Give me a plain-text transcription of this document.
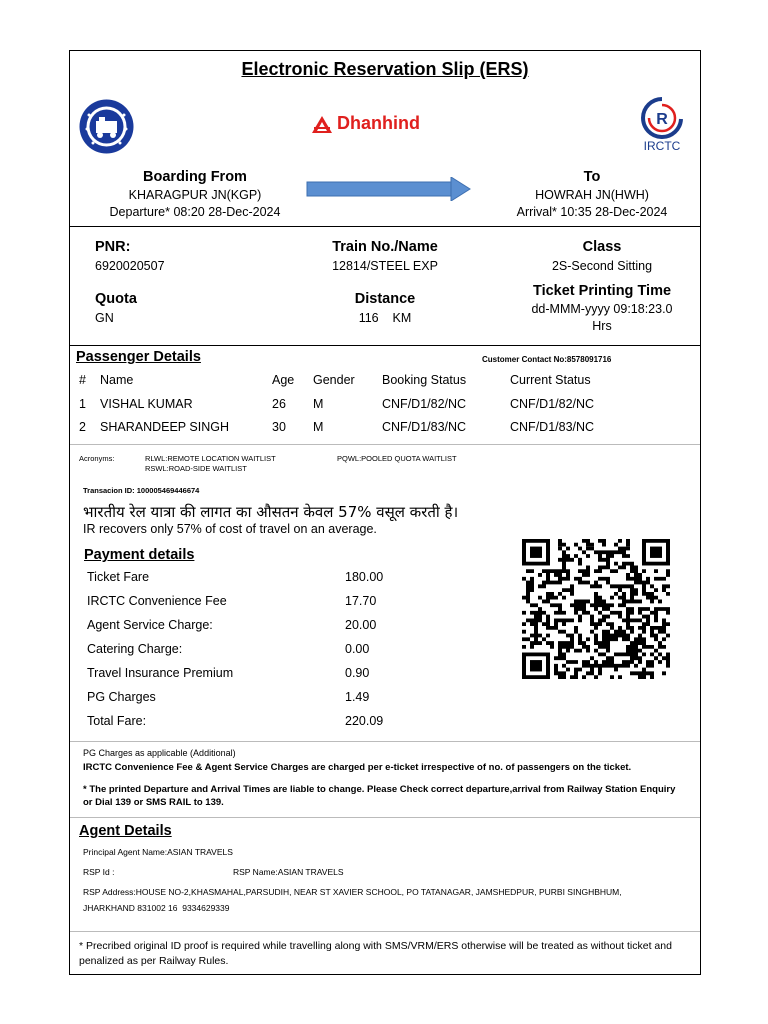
Electronic Reservation Slip (ERS)
Dhanhind	R
IRCTC
Boarding From
KHARAGPUR JN(KGP)
Departure* 08:20 28-Dec-2024
To
HOWRAH JN(HWH)
Arrival* 10:35 28-Dec-2024
PNR:
6920020507
Train No./Name
12814/STEEL EXP
Class
2S-Second Sitting
Quota
GN
Distance
116    KM
Ticket Printing Time
dd-MMM-yyyy 09:18:23.0
Hrs
Passenger Details	Customer Contact No:8578091716
# Name	Age Gender Booking Status	Current Status
1 VISHAL KUMAR	26 M	CNF/D1/82/NC	CNF/D1/82/NC
2 SHARANDEEP SINGH	30 M	CNF/D1/83/NC	CNF/D1/83/NC
Acronyms:	RLWL:REMOTE LOCATION WAITLIST
RSWL:ROAD-SIDE WAITLIST
PQWL:POOLED QUOTA WAITLIST
Transacion ID: 100005469446674
भारतीय रेल यात्रा की लागत का औसतन केवल 57% वसूल करती है।
IR recovers only 57% of cost of travel on an average.
Payment details
Ticket Fare	180.00
IRCTC Convenience Fee	17.70
Agent Service Charge:	20.00
Catering Charge:	0.00
Travel Insurance Premium	0.90
PG Charges	1.49
Total Fare:	220.09
PG Charges as applicable (Additional)
IRCTC Convenience Fee & Agent Service Charges are charged per e-ticket irrespective of no. of passengers on the ticket.
* The printed Departure and Arrival Times are liable to change. Please Check correct departure,arrival from Railway Station Enquiry or Dial 139 or SMS RAIL to 139.
Agent Details
Principal Agent Name:ASIAN TRAVELS
RSP Id :	RSP Name:ASIAN TRAVELS
RSP Address:HOUSE NO-2,KHASMAHAL,PARSUDIH, NEAR ST XAVIER SCHOOL, PO TATANAGAR, JAMSHEDPUR, PURBI SINGHBHUM,
JHARKHAND 831002 16  9334629339
* Precribed original ID proof is required while travelling along with SMS/VRM/ERS otherwise will be treated as without ticket and penalized as per Railway Rules.
